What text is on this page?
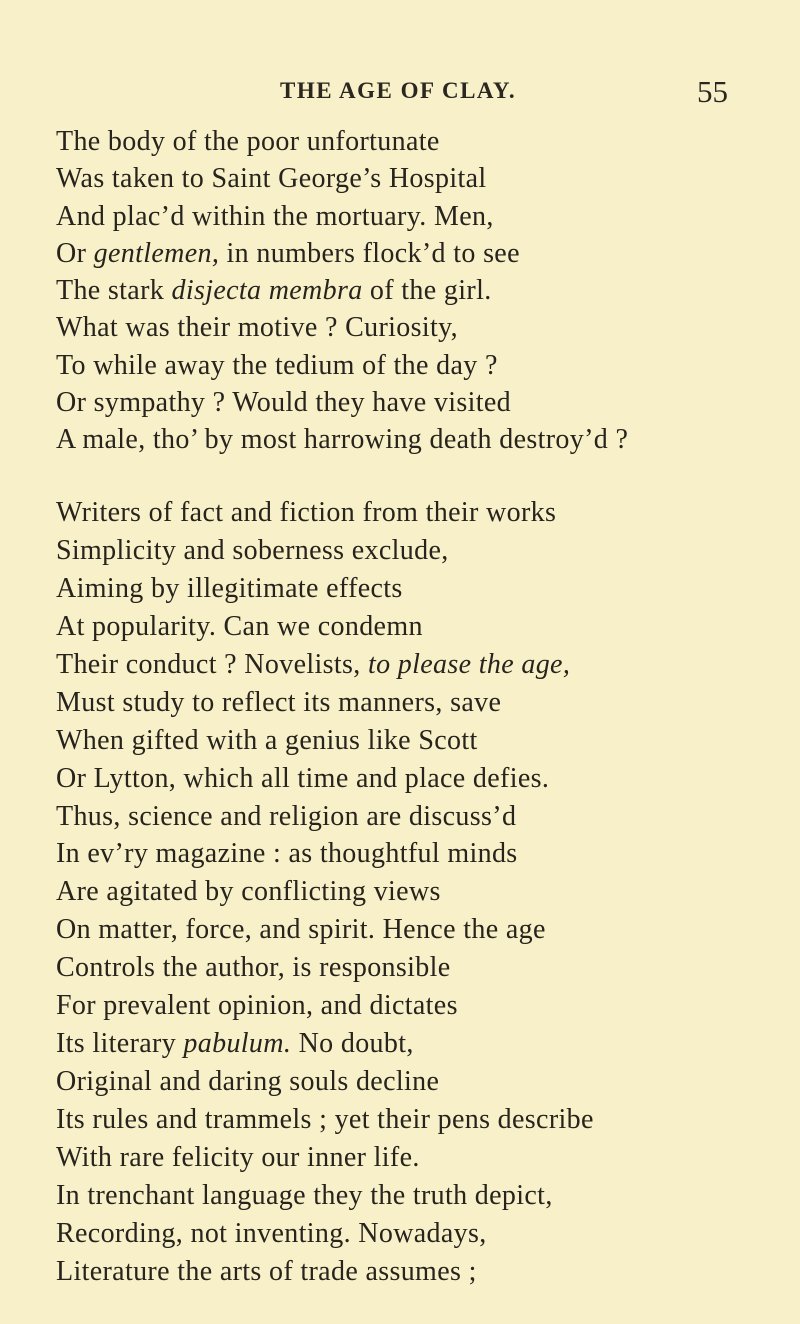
THE AGE OF CLAY.	55
The body of the poor unfortunate
Was taken to Saint George’s Hospital
And plac’d within the mortuary. Men,
Or gentlemen, in numbers flock’d to see
The stark disjecta membra of the girl.
What was their motive ? Curiosity,
To while away the tedium of the day ?
Or sympathy ? Would they have visited
A male, tho’ by most harrowing death destroy’d ?
Writers of fact and fiction from their works
Simplicity and soberness exclude,
Aiming by illegitimate effects
At popularity. Can we condemn
Their conduct ? Novelists, to please the age,
Must study to reflect its manners, save
When gifted with a genius like Scott
Or Lytton, which all time and place defies.
Thus, science and religion are discuss’d
In ev’ry magazine : as thoughtful minds
Are agitated by conflicting views
On matter, force, and spirit. Hence the age
Controls the author, is responsible
For prevalent opinion, and dictates
Its literary pabulum. No doubt,
Original and daring souls decline
Its rules and trammels ; yet their pens describe
With rare felicity our inner life.
In trenchant language they the truth depict,
Recording, not inventing. Nowadays,
Literature the arts of trade assumes ;
